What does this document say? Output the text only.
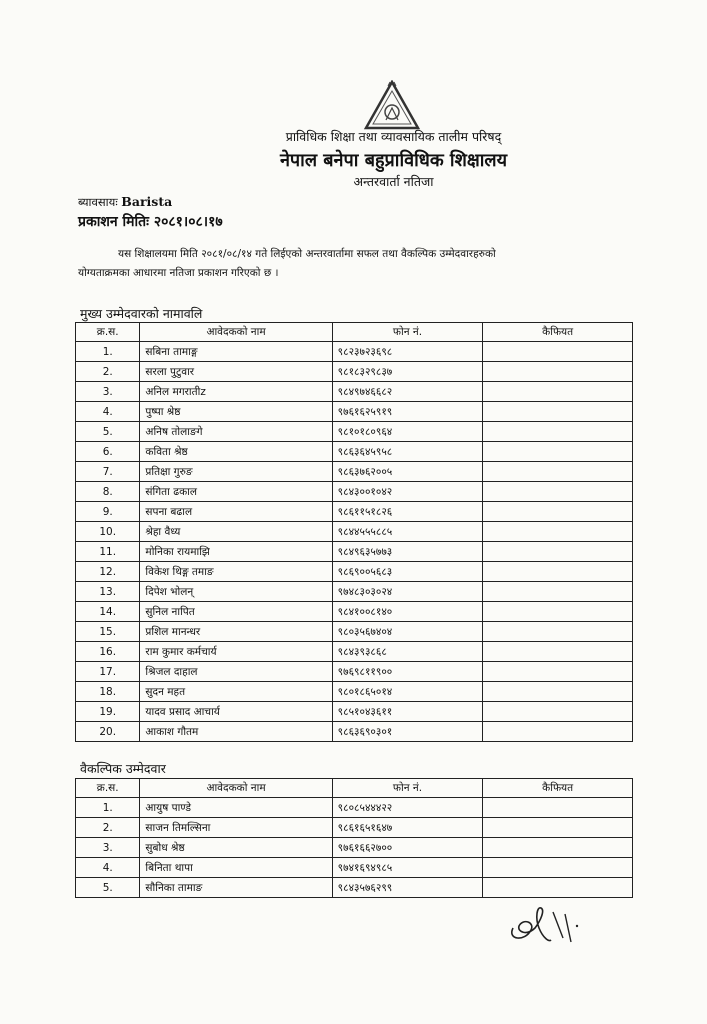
प्राविधिक शिक्षा तथा व्यावसायिक तालीम परिषद्
नेपाल बनेपा बहुप्राविधिक शिक्षालय
अन्तरवार्ता नतिजा
ब्यावसायः Barista
प्रकाशन मितिः २०८१।०८।१७
यस शिक्षालयमा मिति २०८१/०८/१४ गते लिईएको अन्तरवार्तामा सफल तथा वैकल्पिक उम्मेदवारहरुको
योग्यताक्रमका आधारमा नतिजा प्रकाशन गरिएको छ ।
मुख्य उम्मेदवारको नामावलि
क्र.स.	आवेदकको नाम	फोन नं.	कैफियत
1.	सबिना तामाङ्ग	९८२३७२३६९८	
2.	सरला पुटुवार	९८१८३२९८३७	
3.	अनिल मगरातीz	९८४९७४६६८२	
4.	पुष्पा श्रेष्ठ	९७६१६२५९१९	
5.	अनिष तोलाङगे	९८१०१८०९६४	
6.	कविता श्रेष्ठ	९८६३६४५९५८	
7.	प्रतिक्षा गुरुङ	९८६३७६२००५	
8.	संगिता ढकाल	९८४३००१०४२	
9.	सपना बढाल	९८६११५१८२६	
10.	श्रेहा वैध्य	९८४४५५५८८५	
11.	मोनिका रायमाझि	९८४९६३५७७३	
12.	विकेश थिङ्ग तमाङ	९८६९००५६८३	
13.	दिपेश भोलन्	९७४८३०३०२४	
14.	सुनिल नापित	९८४१००८१४०	
15.	प्रशिल मानन्धर	९८०३५६७४०४	
16.	राम कुमार कर्मचार्य	९८४३९३८६८	
17.	श्रिजल दाहाल	९७६९८११९००	
18.	सुदन महत	९८०१८६५०१४	
19.	यादव प्रसाद आचार्य	९८५१०४३६११	
20.	आकाश गौतम	९८६३६९०३०१	
वैकल्पिक उम्मेदवार
क्र.स.	आवेदकको नाम	फोन नं.	कैफियत
1.	आयुष पाण्डे	९८०८५४४४२२	
2.	साजन तिमल्सिना	९८६१६५१६४७	
3.	सुबोध श्रेष्ठ	९७६१६६२७००	
4.	बिनिता थापा	९७४१६९४९८५	
5.	सौनिका तामाङ	९८४३५७६२९९	
